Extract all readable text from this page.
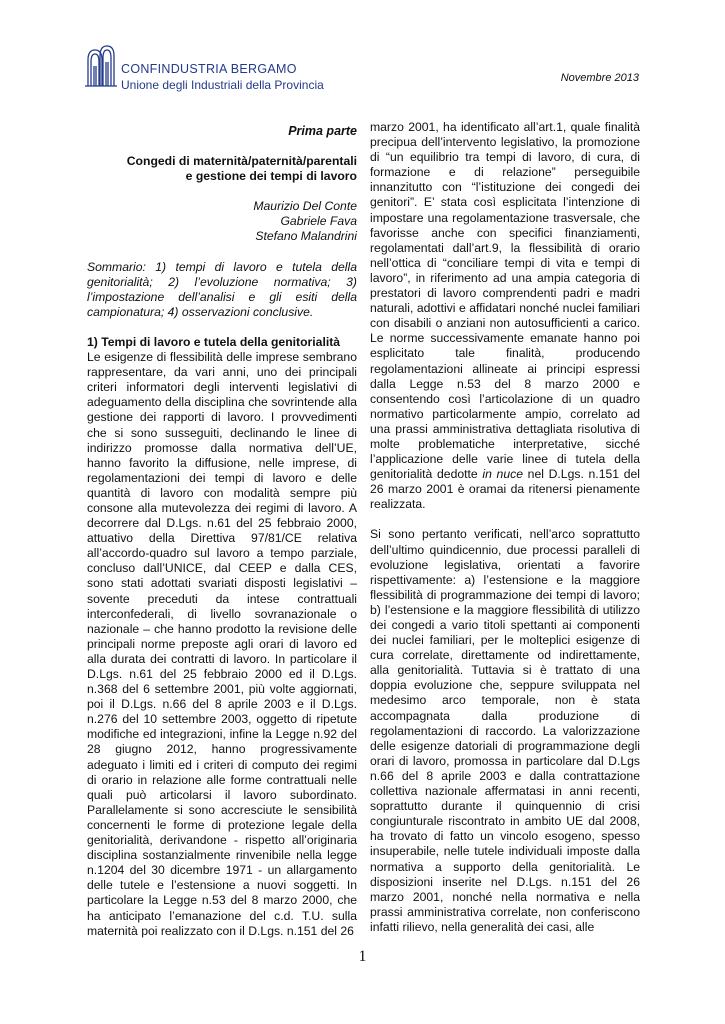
CONFINDUSTRIA BERGAMO
Unione degli Industriali della Provincia	Novembre 2013
Prima parte
Congedi di maternità/paternità/parentali
e gestione dei tempi di lavoro
Maurizio Del Conte
Gabriele Fava
Stefano Malandrini

Sommario: 1) tempi di lavoro e tutela della genitorialità; 2) l’evoluzione normativa; 3) l’impostazione dell’analisi e gli esiti della campionatura; 4) osservazioni conclusive.

1) Tempi di lavoro e tutela della genitorialità

Le esigenze di flessibilità delle imprese sembrano rappresentare, da vari anni, uno dei principali criteri informatori degli interventi legislativi di adeguamento della disciplina che sovrintende alla gestione dei rapporti di lavoro. I provvedimenti che si sono susseguiti, declinando le linee di indirizzo promosse dalla normativa dell’UE, hanno favorito la diffusione, nelle imprese, di regolamentazioni dei tempi di lavoro e delle quantità di lavoro con modalità sempre più consone alla mutevolezza dei regimi di lavoro. A decorrere dal D.Lgs. n.61 del 25 febbraio 2000, attuativo della Direttiva 97/81/CE relativa all’accordo-quadro sul lavoro a tempo parziale, concluso dall’UNICE, dal CEEP e dalla CES, sono stati adottati svariati disposti legislativi – sovente preceduti da intese contrattuali interconfederali, di livello sovranazionale o nazionale – che hanno prodotto la revisione delle principali norme preposte agli orari di lavoro ed alla durata dei contratti di lavoro. In particolare il D.Lgs. n.61 del 25 febbraio 2000 ed il D.Lgs. n.368 del 6 settembre 2001, più volte aggiornati, poi il D.Lgs. n.66 del 8 aprile 2003 e il D.Lgs. n.276 del 10 settembre 2003, oggetto di ripetute modifiche ed integrazioni, infine la Legge n.92 del 28 giugno 2012, hanno progressivamente adeguato i limiti ed i criteri di computo dei regimi di orario in relazione alle forme contrattuali nelle quali può articolarsi il lavoro subordinato. Parallelamente si sono accresciute le sensibilità concernenti le forme di protezione legale della genitorialità, derivandone - rispetto all’originaria disciplina sostanzialmente rinvenibile nella legge n.1204 del 30 dicembre 1971 - un allargamento delle tutele e l’estensione a nuovi soggetti. In particolare la Legge n.53 del 8 marzo 2000, che ha anticipato l’emanazione del c.d. T.U. sulla maternità poi realizzato con il D.Lgs. n.151 del 26

marzo 2001, ha identificato all’art.1, quale finalità precipua dell’intervento legislativo, la promozione di “un equilibrio tra tempi di lavoro, di cura, di formazione e di relazione” perseguibile innanzitutto con “l’istituzione dei congedi dei genitori”. E’ stata così esplicitata l’intenzione di impostare una regolamentazione trasversale, che favorisse anche con specifici finanziamenti, regolamentati dall’art.9, la flessibilità di orario nell’ottica di “conciliare tempi di vita e tempi di lavoro”, in riferimento ad una ampia categoria di prestatori di lavoro comprendenti padri e madri naturali, adottivi e affidatari nonché nuclei familiari con disabili o anziani non autosufficienti a carico. Le norme successivamente emanate hanno poi esplicitato tale finalità, producendo regolamentazioni allineate ai principi espressi dalla Legge n.53 del 8 marzo 2000 e consentendo così l’articolazione di un quadro normativo particolarmente ampio, correlato ad una prassi amministrativa dettagliata risolutiva di molte problematiche interpretative, sicché l’applicazione delle varie linee di tutela della genitorialità dedotte in nuce nel D.Lgs. n.151 del 26 marzo 2001 è oramai da ritenersi pienamente realizzata.

Si sono pertanto verificati, nell’arco soprattutto dell’ultimo quindicennio, due processi paralleli di evoluzione legislativa, orientati a favorire rispettivamente: a) l’estensione e la maggiore flessibilità di programmazione dei tempi di lavoro; b) l’estensione e la maggiore flessibilità di utilizzo dei congedi a vario titoli spettanti ai componenti dei nuclei familiari, per le molteplici esigenze di cura correlate, direttamente od indirettamente, alla genitorialità. Tuttavia si è trattato di una doppia evoluzione che, seppure sviluppata nel medesimo arco temporale, non è stata accompagnata dalla produzione di regolamentazioni di raccordo. La valorizzazione delle esigenze datoriali di programmazione degli orari di lavoro, promossa in particolare dal D.Lgs n.66 del 8 aprile 2003 e dalla contrattazione collettiva nazionale affermatasi in anni recenti, soprattutto durante il quinquennio di crisi congiunturale riscontrato in ambito UE dal 2008, ha trovato di fatto un vincolo esogeno, spesso insuperabile, nelle tutele individuali imposte dalla normativa a supporto della genitorialità. Le disposizioni inserite nel D.Lgs. n.151 del 26 marzo 2001, nonché nella normativa e nella prassi amministrativa correlate, non conferiscono infatti rilievo, nella generalità dei casi, alle

1
